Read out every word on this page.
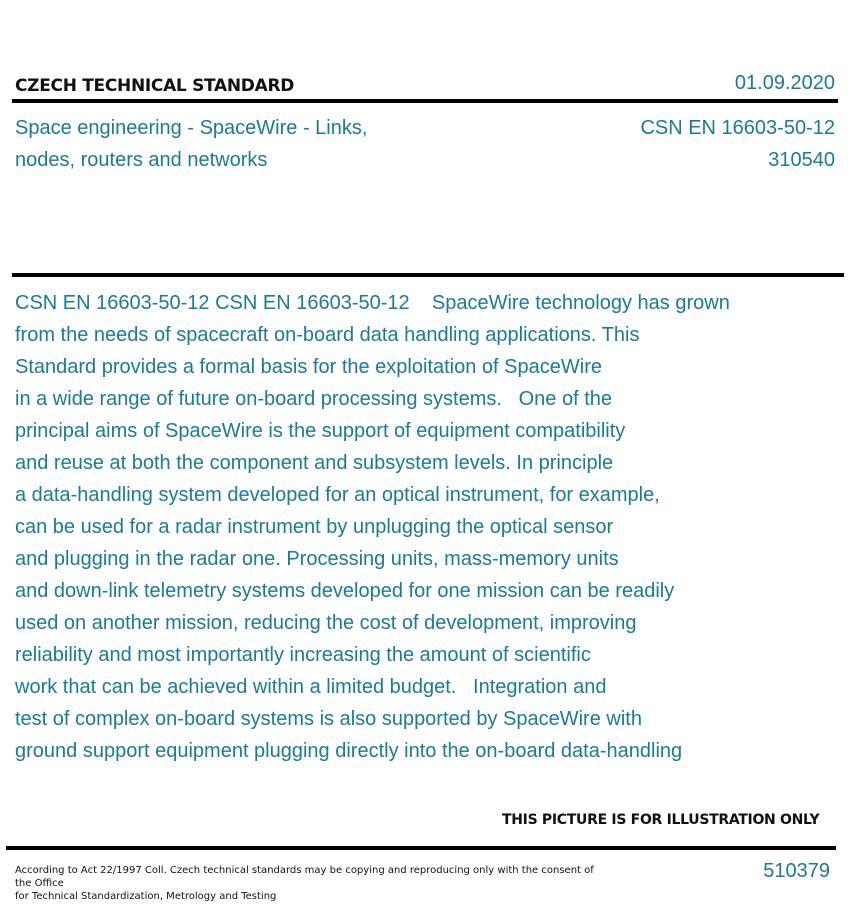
CZECH TECHNICAL STANDARD	01.09.2020
Space engineering - SpaceWire - Links,
nodes, routers and networks
CSN EN 16603-50-12
310540
CSN EN 16603-50-12 CSN EN 16603-50-12    SpaceWire technology has grown
from the needs of spacecraft on-board data handling applications. This
Standard provides a formal basis for the exploitation of SpaceWire
in a wide range of future on-board processing systems.   One of the
principal aims of SpaceWire is the support of equipment compatibility
and reuse at both the component and subsystem levels. In principle
a data-handling system developed for an optical instrument, for example,
can be used for a radar instrument by unplugging the optical sensor
and plugging in the radar one. Processing units, mass-memory units
and down-link telemetry systems developed for one mission can be readily
used on another mission, reducing the cost of development, improving
reliability and most importantly increasing the amount of scientific
work that can be achieved within a limited budget.   Integration and
test of complex on-board systems is also supported by SpaceWire with
ground support equipment plugging directly into the on-board data-handling
THIS PICTURE IS FOR ILLUSTRATION ONLY
According to Act 22/1997 Coll. Czech technical standards may be copying and reproducing only with the consent of the Office
for Technical Standardization, Metrology and Testing
510379
